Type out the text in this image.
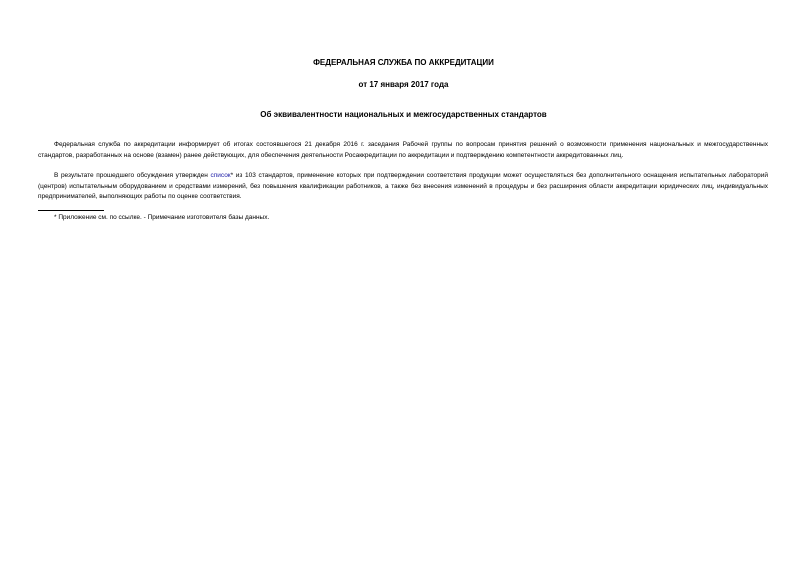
ФЕДЕРАЛЬНАЯ СЛУЖБА ПО АККРЕДИТАЦИИ
от 17 января 2017 года
Об эквивалентности национальных и межгосударственных стандартов

Федеральная служба по аккредитации информирует об итогах состоявшегося 21 декабря 2016 г. заседания Рабочей группы по вопросам принятия решений о возможности применения национальных и межгосударственных стандартов, разработанных на основе (взамен) ранее действующих, для обеспечения деятельности Росаккредитации по аккредитации и подтверждению компетентности аккредитованных лиц.

В результате прошедшего обсуждения утвержден список* из 103 стандартов, применение которых при подтверждении соответствия продукции может осуществляться без дополнительного оснащения испытательных лабораторий (центров) испытательным оборудованием и средствами измерений, без повышения квалификации работников, а также без внесения изменений в процедуры и без расширения области аккредитации юридических лиц, индивидуальных предпринимателей, выполняющих работы по оценке соответствия.

* Приложение см. по ссылке. - Примечание изготовителя базы данных.
